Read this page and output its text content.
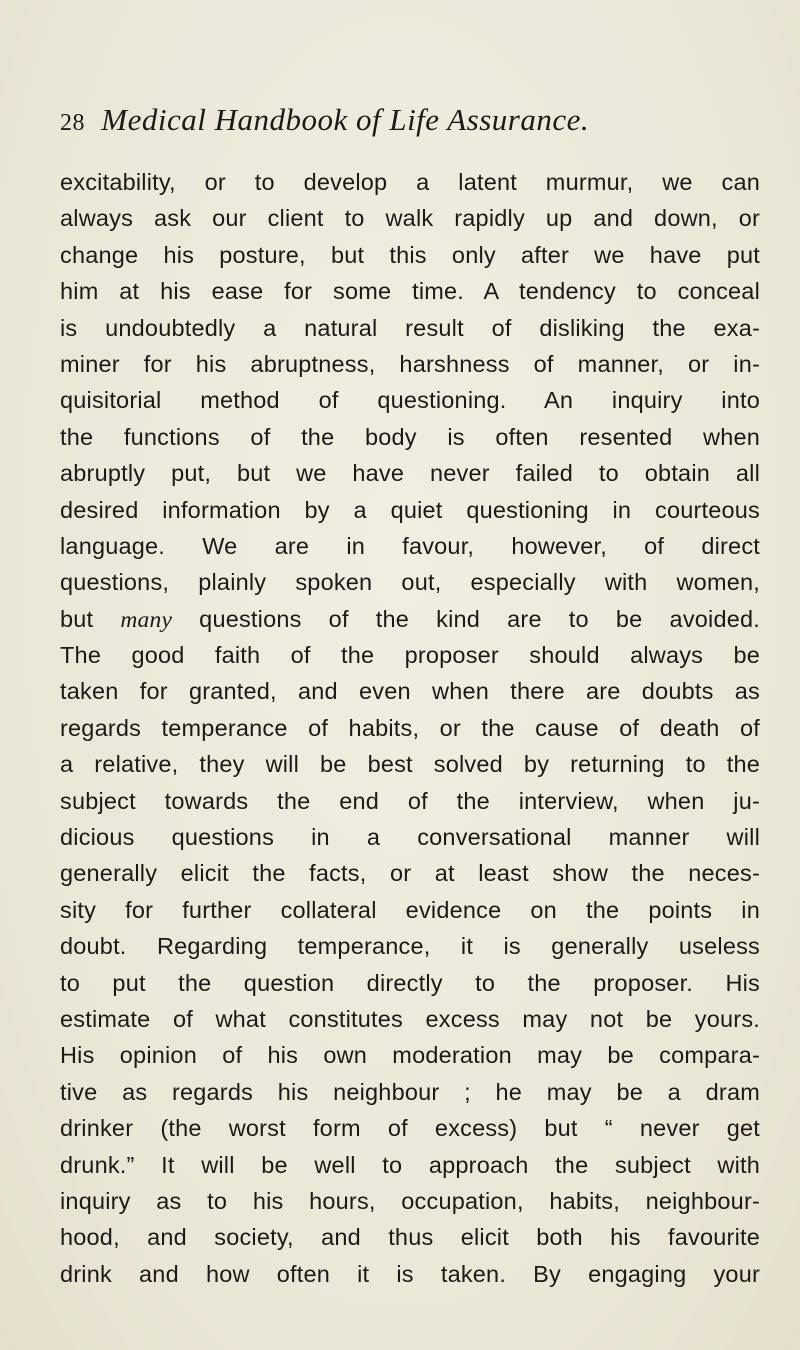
28 Medical Handbook of Life Assurance.
excitability, or to develop a latent murmur, we can
always ask our client to walk rapidly up and down, or
change his posture, but this only after we have put
him at his ease for some time. A tendency to conceal
is undoubtedly a natural result of disliking the exa-
miner for his abruptness, harshness of manner, or in-
quisitorial method of questioning. An inquiry into
the functions of the body is often resented when
abruptly put, but we have never failed to obtain all
desired information by a quiet questioning in courteous
language. We are in favour, however, of direct
questions, plainly spoken out, especially with women,
but many questions of the kind are to be avoided.
The good faith of the proposer should always be
taken for granted, and even when there are doubts as
regards temperance of habits, or the cause of death of
a relative, they will be best solved by returning to the
subject towards the end of the interview, when ju-
dicious questions in a conversational manner will
generally elicit the facts, or at least show the neces-
sity for further collateral evidence on the points in
doubt. Regarding temperance, it is generally useless
to put the question directly to the proposer. His
estimate of what constitutes excess may not be yours.
His opinion of his own moderation may be compara-
tive as regards his neighbour ; he may be a dram
drinker (the worst form of excess) but “ never get
drunk.” It will be well to approach the subject with
inquiry as to his hours, occupation, habits, neighbour-
hood, and society, and thus elicit both his favourite
drink and how often it is taken. By engaging your
